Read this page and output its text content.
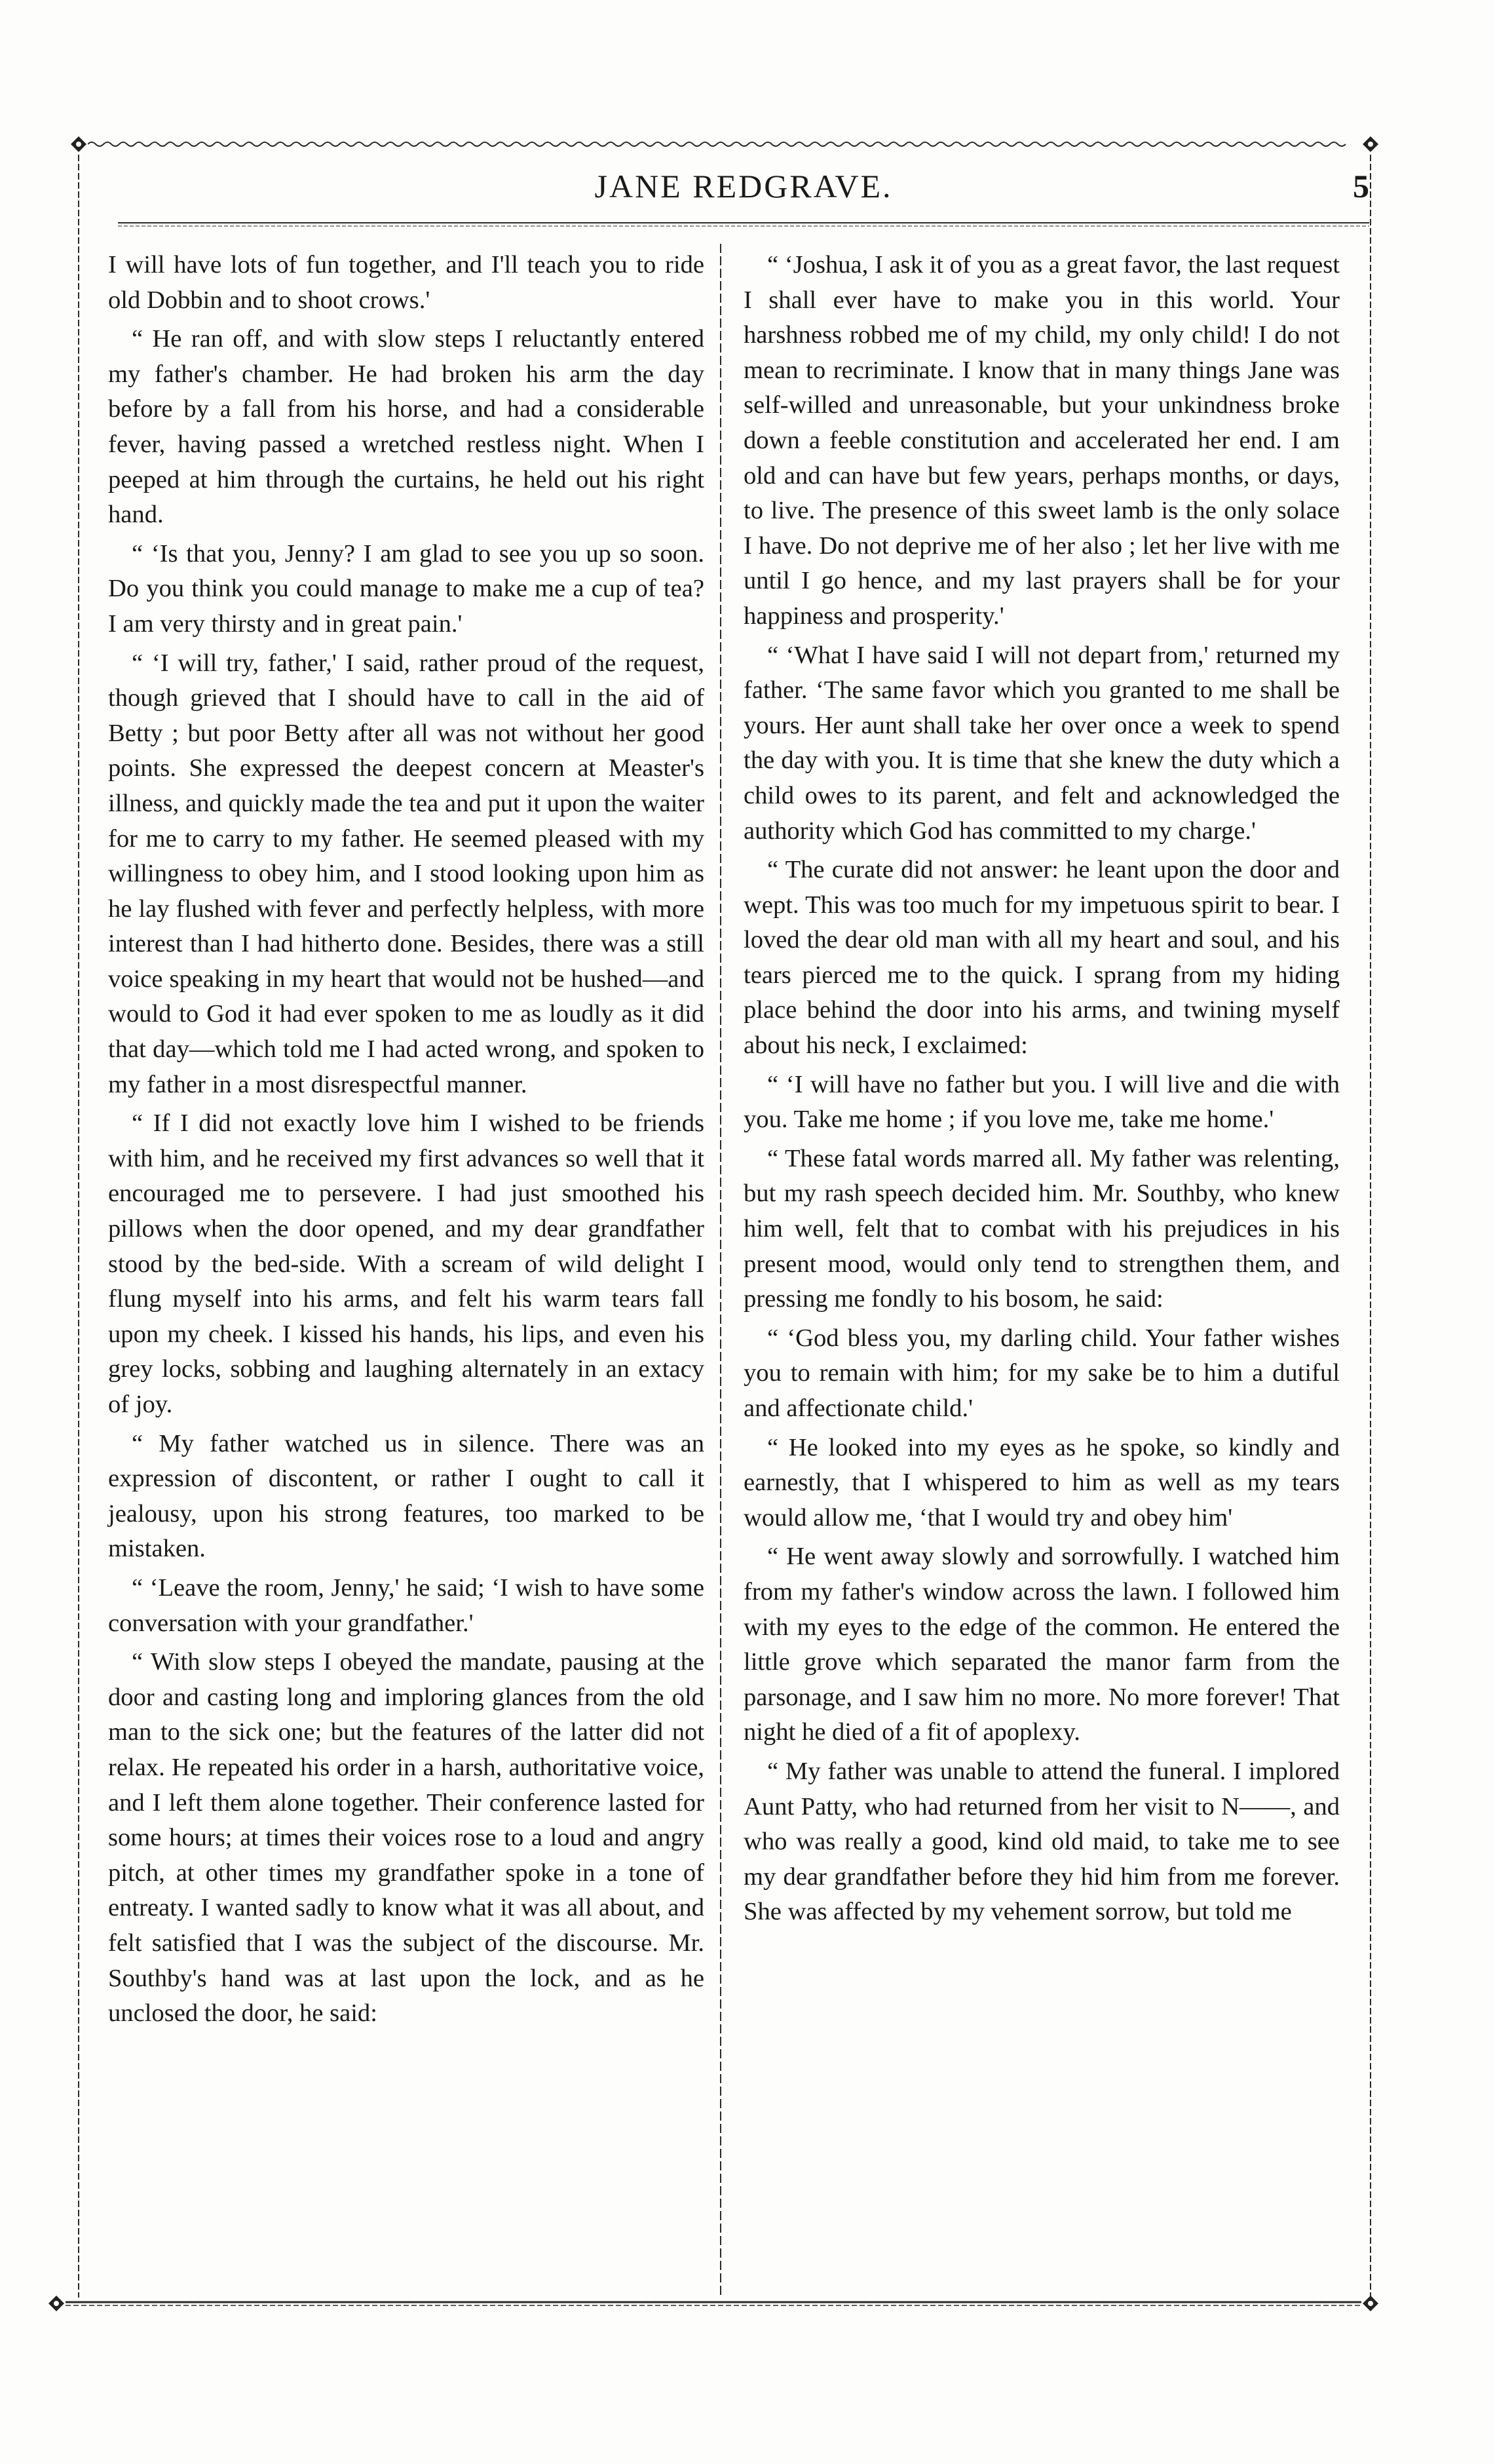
JANE REDGRAVE.	5

I will have lots of fun together, and I'll teach you to ride old Dobbin and to shoot crows.'

“ He ran off, and with slow steps I reluctantly entered my father's chamber. He had broken his arm the day before by a fall from his horse, and had a considerable fever, having passed a wretched restless night. When I peeped at him through the curtains, he held out his right hand.

“ ‘Is that you, Jenny? I am glad to see you up so soon. Do you think you could manage to make me a cup of tea? I am very thirsty and in great pain.'

“ ‘I will try, father,' I said, rather proud of the request, though grieved that I should have to call in the aid of Betty ; but poor Betty after all was not without her good points. She expressed the deepest concern at Measter's illness, and quickly made the tea and put it upon the waiter for me to carry to my father. He seemed pleased with my willingness to obey him, and I stood looking upon him as he lay flushed with fever and perfectly helpless, with more interest than I had hitherto done. Besides, there was a still voice speaking in my heart that would not be hushed—and would to God it had ever spoken to me as loudly as it did that day—which told me I had acted wrong, and spoken to my father in a most disrespectful manner.

“ If I did not exactly love him I wished to be friends with him, and he received my first advances so well that it encouraged me to persevere. I had just smoothed his pillows when the door opened, and my dear grandfather stood by the bed-side. With a scream of wild delight I flung myself into his arms, and felt his warm tears fall upon my cheek. I kissed his hands, his lips, and even his grey locks, sobbing and laughing alternately in an extacy of joy.

“ My father watched us in silence. There was an expression of discontent, or rather I ought to call it jealousy, upon his strong features, too marked to be mistaken.

“ ‘Leave the room, Jenny,' he said; ‘I wish to have some conversation with your grandfather.'

“ With slow steps I obeyed the mandate, pausing at the door and casting long and imploring glances from the old man to the sick one; but the features of the latter did not relax. He repeated his order in a harsh, authoritative voice, and I left them alone together. Their conference lasted for some hours; at times their voices rose to a loud and angry pitch, at other times my grandfather spoke in a tone of entreaty. I wanted sadly to know what it was all about, and felt satisfied that I was the subject of the discourse. Mr. Southby's hand was at last upon the lock, and as he unclosed the door, he said:

“ ‘Joshua, I ask it of you as a great favor, the last request I shall ever have to make you in this world. Your harshness robbed me of my child, my only child! I do not mean to recriminate. I know that in many things Jane was self-willed and unreasonable, but your unkindness broke down a feeble constitution and accelerated her end. I am old and can have but few years, perhaps months, or days, to live. The presence of this sweet lamb is the only solace I have. Do not deprive me of her also ; let her live with me until I go hence, and my last prayers shall be for your happiness and prosperity.'

“ ‘What I have said I will not depart from,' returned my father. ‘The same favor which you granted to me shall be yours. Her aunt shall take her over once a week to spend the day with you. It is time that she knew the duty which a child owes to its parent, and felt and acknowledged the authority which God has committed to my charge.'

“ The curate did not answer: he leant upon the door and wept. This was too much for my impetuous spirit to bear. I loved the dear old man with all my heart and soul, and his tears pierced me to the quick. I sprang from my hiding place behind the door into his arms, and twining myself about his neck, I exclaimed:

“ ‘I will have no father but you. I will live and die with you. Take me home ; if you love me, take me home.'

“ These fatal words marred all. My father was relenting, but my rash speech decided him. Mr. Southby, who knew him well, felt that to combat with his prejudices in his present mood, would only tend to strengthen them, and pressing me fondly to his bosom, he said:

“ ‘God bless you, my darling child. Your father wishes you to remain with him; for my sake be to him a dutiful and affectionate child.'

“ He looked into my eyes as he spoke, so kindly and earnestly, that I whispered to him as well as my tears would allow me, ‘that I would try and obey him'

“ He went away slowly and sorrowfully. I watched him from my father's window across the lawn. I followed him with my eyes to the edge of the common. He entered the little grove which separated the manor farm from the parsonage, and I saw him no more. No more forever! That night he died of a fit of apoplexy.

“ My father was unable to attend the funeral. I implored Aunt Patty, who had returned from her visit to N——, and who was really a good, kind old maid, to take me to see my dear grandfather before they hid him from me forever. She was affected by my vehement sorrow, but told me
